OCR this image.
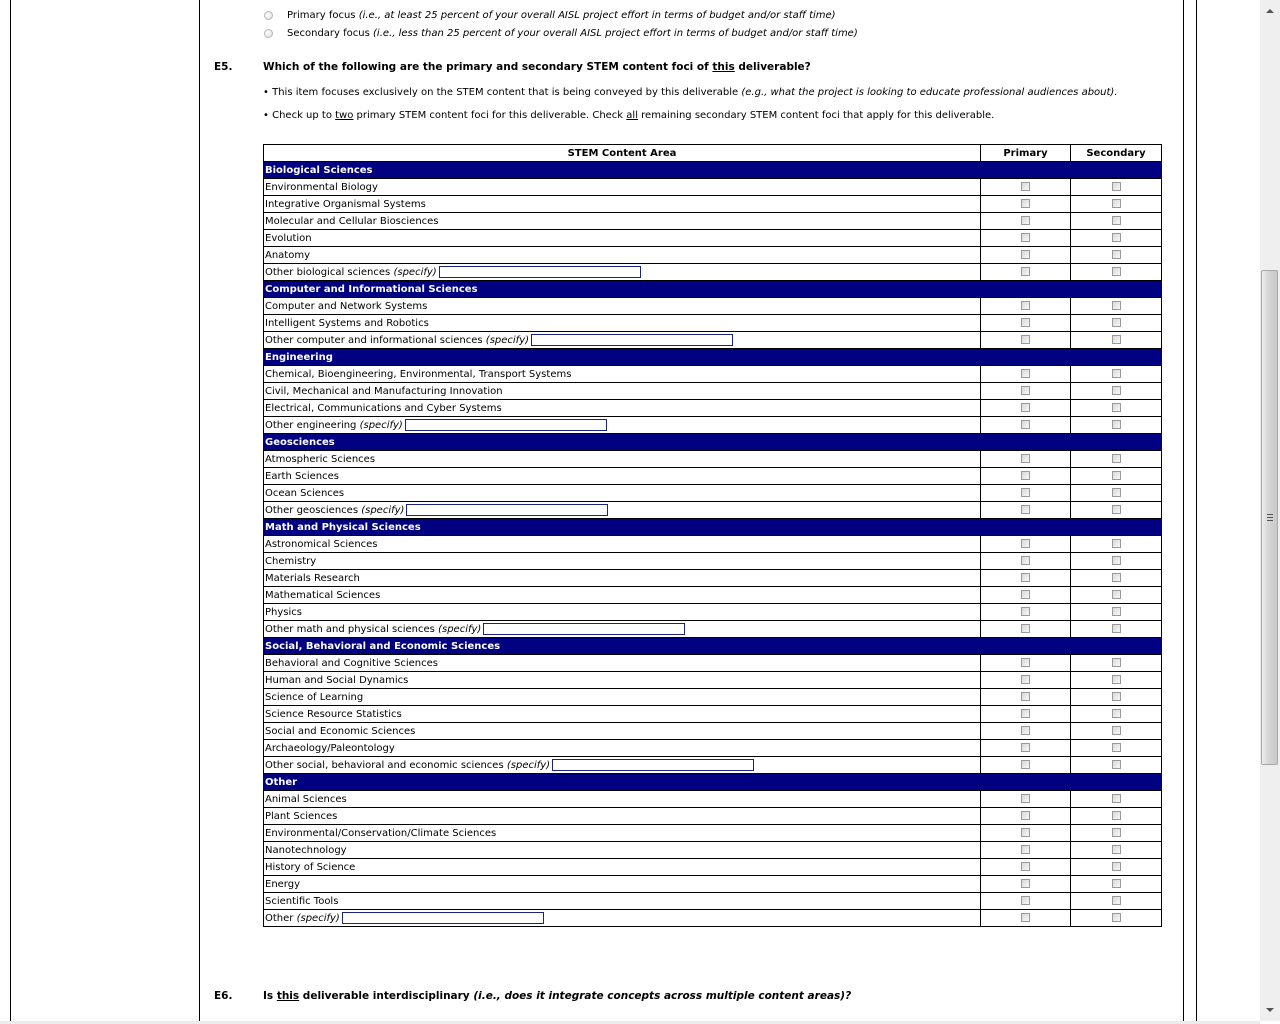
Primary focus (i.e., at least 25 percent of your overall AISL project effort in terms of budget and/or staff time)
Secondary focus (i.e., less than 25 percent of your overall AISL project effort in terms of budget and/or staff time)
E5.	Which of the following are the primary and secondary STEM content foci of this deliverable?
• This item focuses exclusively on the STEM content that is being conveyed by this deliverable (e.g., what the project is looking to educate professional audiences about).
• Check up to two primary STEM content foci for this deliverable. Check all remaining secondary STEM content foci that apply for this deliverable.
STEM Content Area	Primary	Secondary
Biological Sciences		
Environmental Biology		
Integrative Organismal Systems		
Molecular and Cellular Biosciences		
Evolution		
Anatomy		
Other biological sciences (specify)		
Computer and Informational Sciences		
Computer and Network Systems		
Intelligent Systems and Robotics		
Other computer and informational sciences (specify)		
Engineering		
Chemical, Bioengineering, Environmental, Transport Systems		
Civil, Mechanical and Manufacturing Innovation		
Electrical, Communications and Cyber Systems		
Other engineering (specify)		
Geosciences		
Atmospheric Sciences		
Earth Sciences		
Ocean Sciences		
Other geosciences (specify)		
Math and Physical Sciences		
Astronomical Sciences		
Chemistry		
Materials Research		
Mathematical Sciences		
Physics		
Other math and physical sciences (specify)		
Social, Behavioral and Economic Sciences		
Behavioral and Cognitive Sciences		
Human and Social Dynamics		
Science of Learning		
Science Resource Statistics		
Social and Economic Sciences		
Archaeology/Paleontology		
Other social, behavioral and economic sciences (specify)		
Other		
Animal Sciences		
Plant Sciences		
Environmental/Conservation/Climate Sciences		
Nanotechnology		
History of Science		
Energy		
Scientific Tools		
Other (specify)		
E6.	Is this deliverable interdisciplinary (i.e., does it integrate concepts across multiple content areas)?
